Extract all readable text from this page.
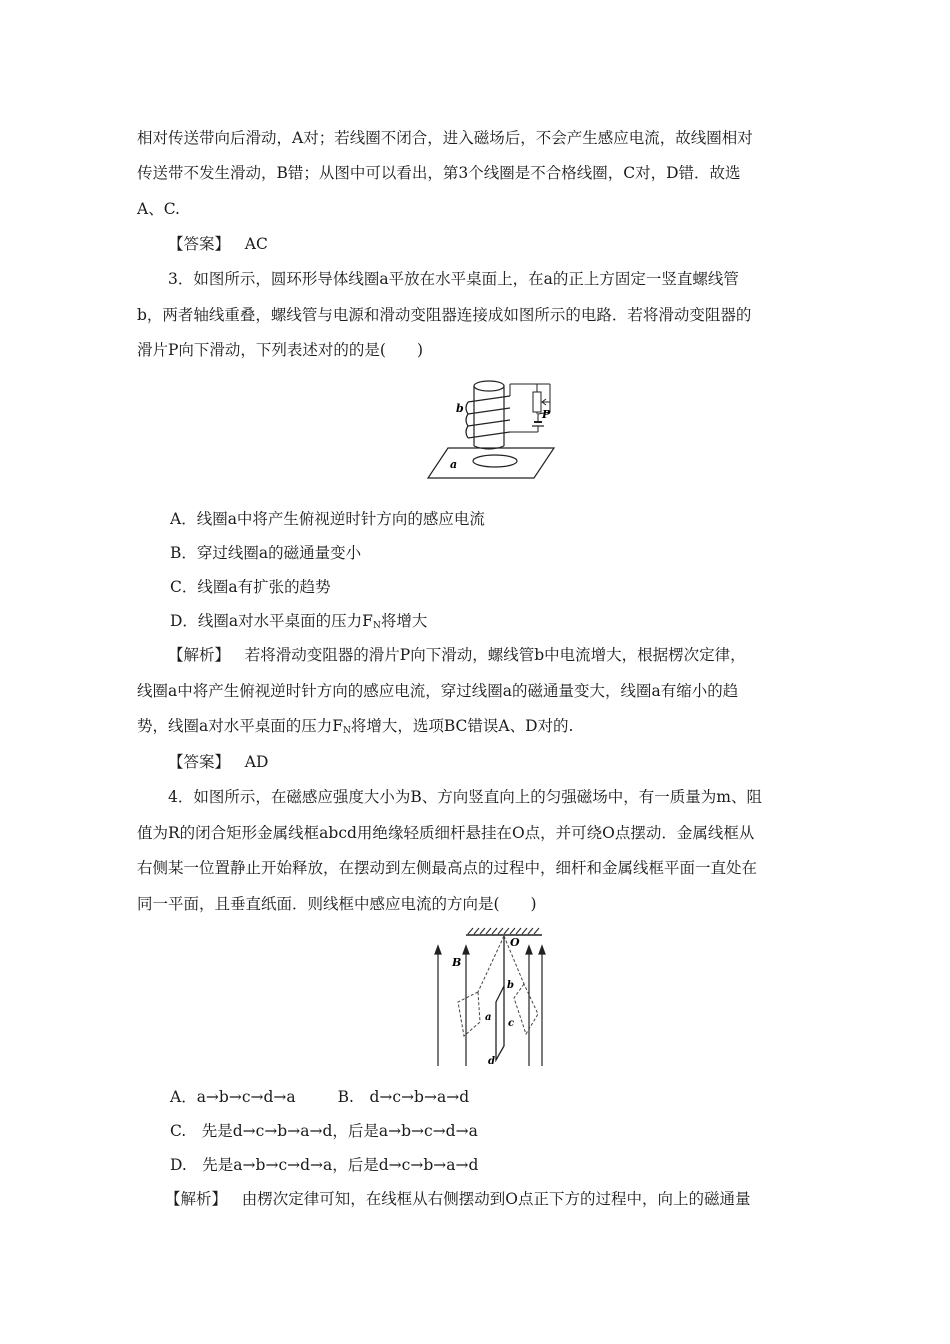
相对传送带向后滑动，A对；若线圈不闭合，进入磁场后，不会产生感应电流，故线圈相对
传送带不发生滑动，B错；从图中可以看出，第3个线圈是不合格线圈，C对，D错．故选
A、C.
【答案】 AC
3．如图所示，圆环形导体线圈a平放在水平桌面上，在a的正上方固定一竖直螺线管
b，两者轴线重叠，螺线管与电源和滑动变阻器连接成如图所示的电路．若将滑动变阻器的
滑片P向下滑动，下列表述对的的是(　　)
b	P
a
A．线圈a中将产生俯视逆时针方向的感应电流
B．穿过线圈a的磁通量变小
C．线圈a有扩张的趋势
D．线圈a对水平桌面的压力$F_N$将增大
【解析】 若将滑动变阻器的滑片P向下滑动，螺线管b中电流增大，根据楞次定律，
线圈a中将产生俯视逆时针方向的感应电流，穿过线圈a的磁通量变大，线圈a有缩小的趋
势，线圈a对水平桌面的压力$F_N$将增大，选项BC错误A、D对的.
【答案】 AD
4．如图所示，在磁感应强度大小为B、方向竖直向上的匀强磁场中，有一质量为m、阻
值为R的闭合矩形金属线框abcd用绝缘轻质细杆悬挂在O点，并可绕O点摆动．金属线框从
右侧某一位置静止开始释放，在摆动到左侧最高点的过程中，细杆和金属线框平面一直处在
同一平面，且垂直纸面．则线框中感应电流的方向是(　　)
O
B
b
a
c
d
A．a→b→c→d→a	B.　d→c→b→a→d
C.　先是d→c→b→a→d，后是a→b→c→d→a
D.　先是a→b→c→d→a，后是d→c→b→a→d
【解析】 由楞次定律可知，在线框从右侧摆动到O点正下方的过程中，向上的磁通量
